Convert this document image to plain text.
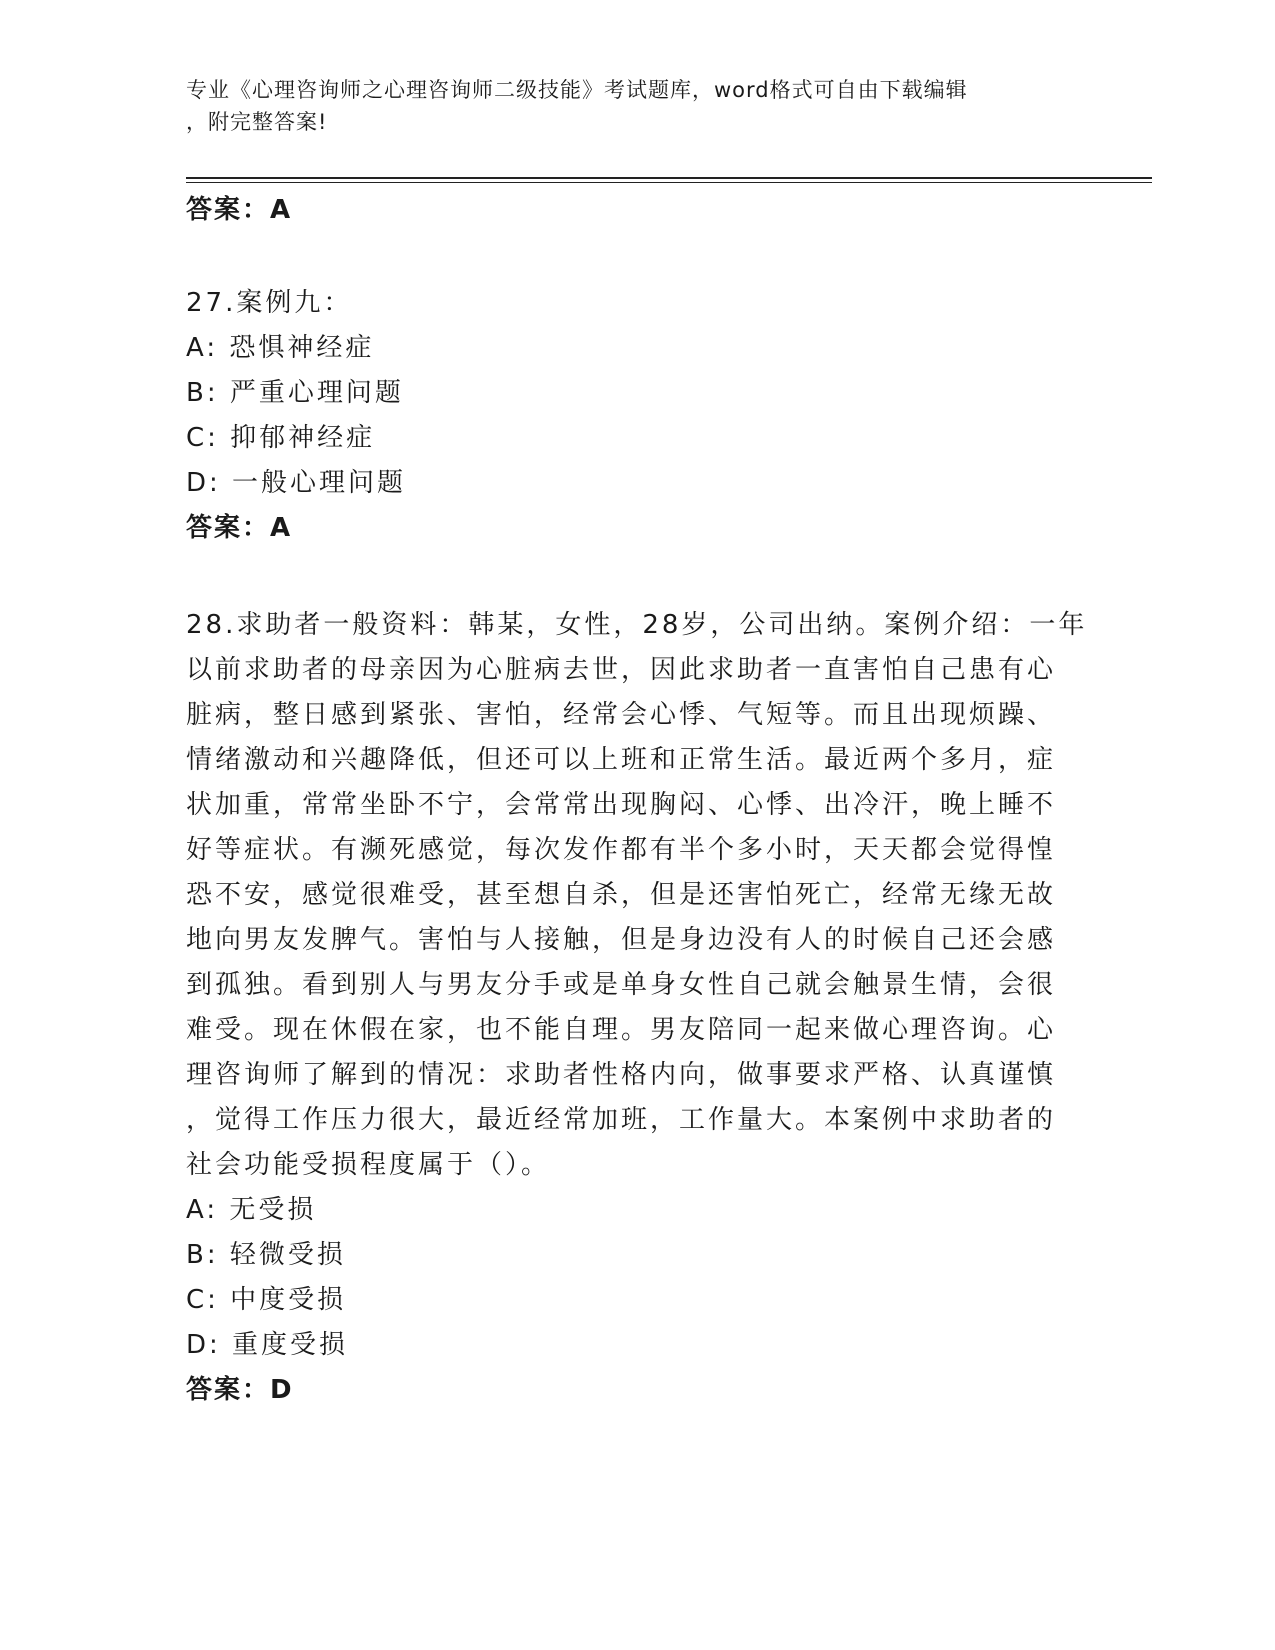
专业《心理咨询师之心理咨询师二级技能》考试题库，word格式可自由下载编辑
，附完整答案!
答案：A
27.案例九：
A: 恐惧神经症
B: 严重心理问题
C: 抑郁神经症
D: 一般心理问题
答案：A
28.求助者一般资料：韩某，女性，28岁，公司出纳。案例介绍：一年
以前求助者的母亲因为心脏病去世，因此求助者一直害怕自己患有心
脏病，整日感到紧张、害怕，经常会心悸、气短等。而且出现烦躁、
情绪激动和兴趣降低，但还可以上班和正常生活。最近两个多月，症
状加重，常常坐卧不宁，会常常出现胸闷、心悸、出冷汗，晚上睡不
好等症状。有濒死感觉，每次发作都有半个多小时，天天都会觉得惶
恐不安，感觉很难受，甚至想自杀，但是还害怕死亡，经常无缘无故
地向男友发脾气。害怕与人接触，但是身边没有人的时候自己还会感
到孤独。看到别人与男友分手或是单身女性自己就会触景生情，会很
难受。现在休假在家，也不能自理。男友陪同一起来做心理咨询。心
理咨询师了解到的情况：求助者性格内向，做事要求严格、认真谨慎
，觉得工作压力很大，最近经常加班，工作量大。本案例中求助者的
社会功能受损程度属于（）。
A: 无受损
B: 轻微受损
C: 中度受损
D: 重度受损
答案：D
